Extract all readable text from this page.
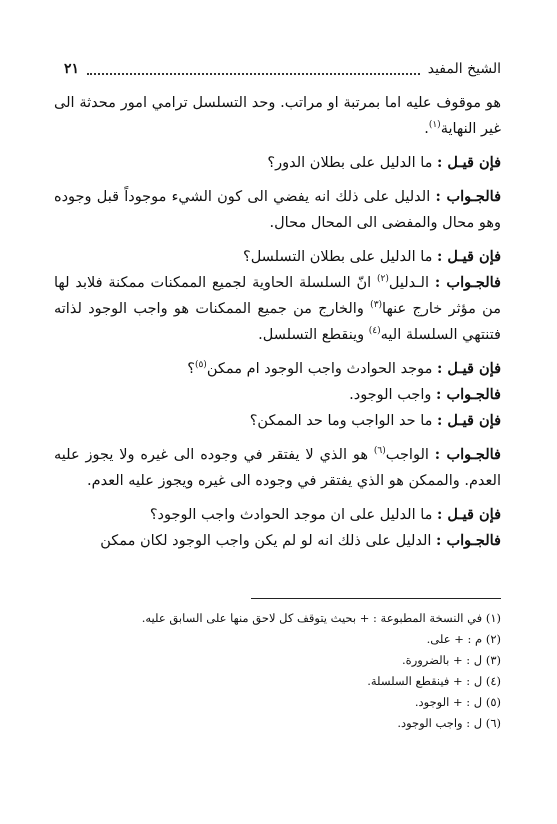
الشيخ المفيد
٢١

هو موقوف عليه اما بمرتبة او مراتب. وحد التسلسل ترامي امور محدثة الى غير النهاية$^{(١)}$.

فإن قيـل : ما الدليل على بطلان الدور؟

فالجـواب : الدليل على ذلك انه يفضي الى كون الشيء موجوداً قبل وجوده وهو محال والمفضى الى المحال محال.

فإن قيـل : ما الدليل على بطلان التسلسل؟

فالجـواب : الـدليل$^{(٢)}$ انّ السلسلة الحاوية لجميع الممكنات ممكنة فلابد لها من مؤثر خارج عنها$^{(٣)}$ والخارج من جميع الممكنات هو واجب الوجود لذاته فتنتهي السلسلة اليه$^{(٤)}$ وينقطع التسلسل.

فإن قيـل : موجد الحوادث واجب الوجود ام ممكن$^{(٥)}$؟

فالجـواب : واجب الوجود.

فإن قيـل : ما حد الواجب وما حد الممكن؟

فالجـواب : الواجب$^{(٦)}$ هو الذي لا يفتقر في وجوده الى غيره ولا يجوز عليه العدم. والممكن هو الذي يفتقر في وجوده الى غيره ويجوز عليه العدم.

فإن قيـل : ما الدليل على ان موجد الحوادث واجب الوجود؟

فالجـواب : الدليل على ذلك انه لو لم يكن واجب الوجود لكان ممكن

(١) في النسخة المطبوعة : + بحيث يتوقف كل لاحق منها على السابق عليه.

(٢) م : + على.

(٣) ل : + بالضرورة.

(٤) ل : + فينقطع السلسلة.

(٥) ل : + الوجود.

(٦) ل : واجب الوجود.
